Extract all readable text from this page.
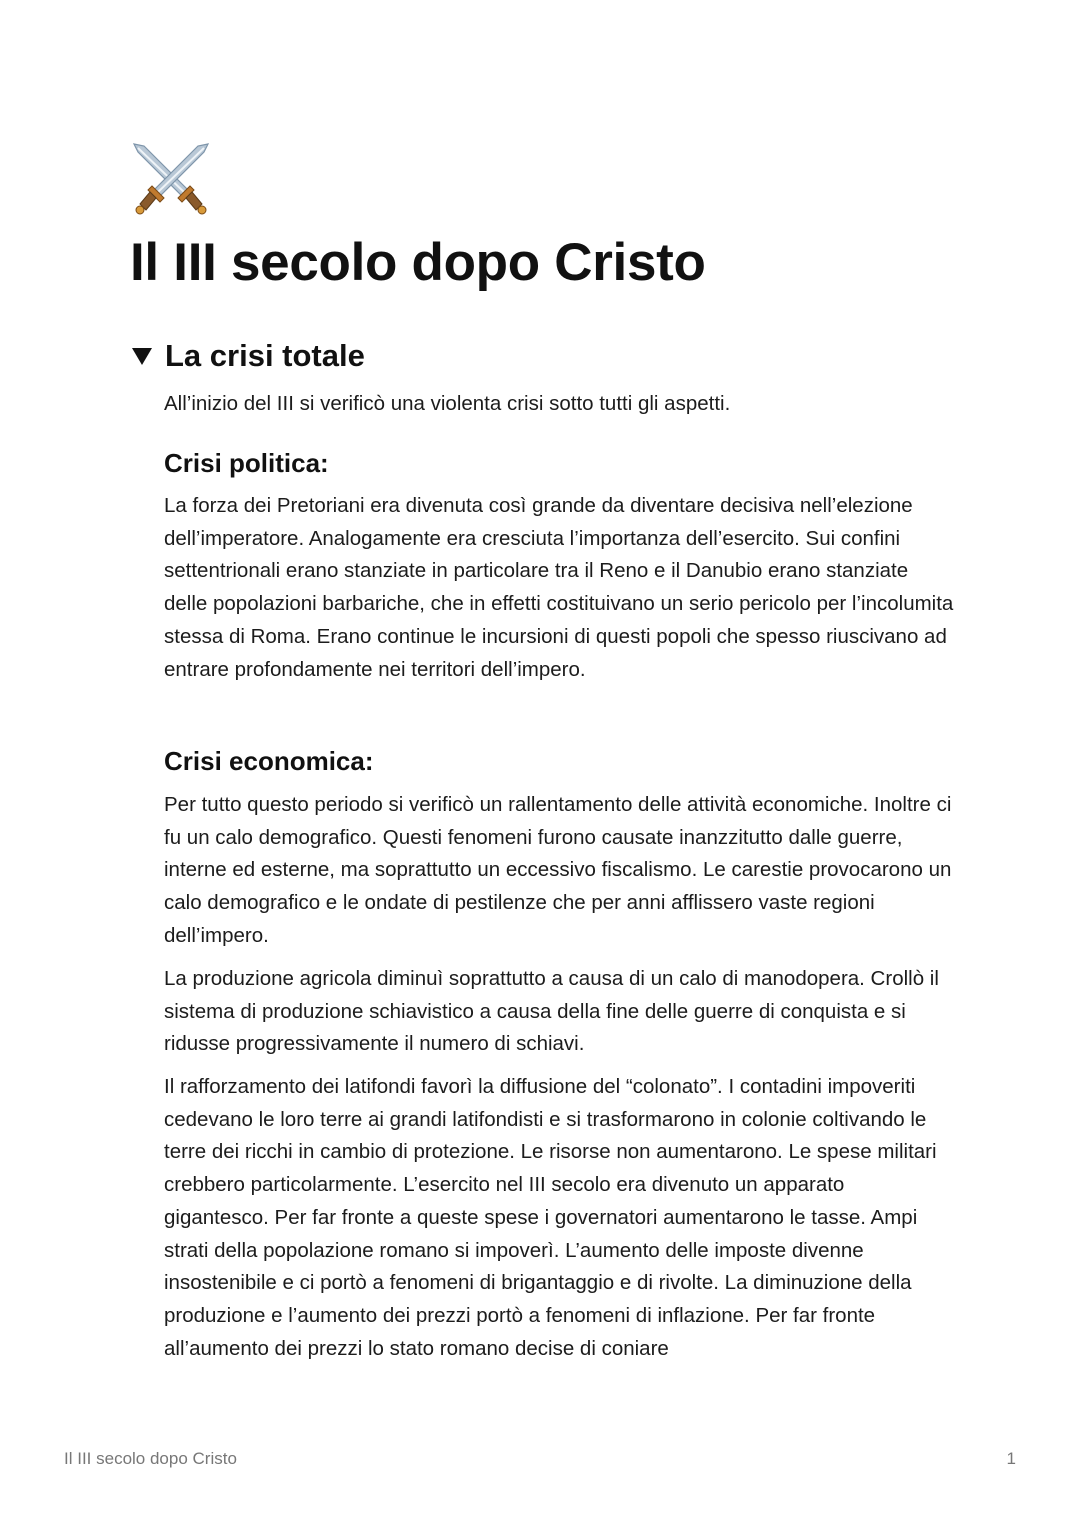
Il III secolo dopo Cristo
La crisi totale

All’inizio del III si verificò una violenta crisi sotto tutti gli aspetti.

Crisi politica:

La forza dei Pretoriani era divenuta così grande da diventare decisiva nell’elezione dell’imperatore. Analogamente era cresciuta l’importanza dell’esercito. Sui confini settentrionali erano stanziate in particolare tra il Reno e il Danubio erano stanziate delle popolazioni barbariche, che in effetti costituivano un serio pericolo per l’incolumita stessa di Roma. Erano continue le incursioni di questi popoli che spesso riuscivano ad entrare profondamente nei territori dell’impero.

Crisi economica:

Per tutto questo periodo si verificò un rallentamento delle attività economiche. Inoltre ci fu un calo demografico. Questi fenomeni furono causate inanzzitutto dalle guerre, interne ed esterne, ma soprattutto un eccessivo fiscalismo. Le carestie provocarono un calo demografico e le ondate di pestilenze che per anni afflissero vaste regioni dell’impero.

La produzione agricola diminuì soprattutto a causa di un calo di manodopera. Crollò il sistema di produzione schiavistico a causa della fine delle guerre di conquista e si ridusse progressivamente il numero di schiavi.

Il rafforzamento dei latifondi favorì la diffusione del “colonato”. I contadini impoveriti cedevano le loro terre ai grandi latifondisti e si trasformarono in colonie coltivando le terre dei ricchi in cambio di protezione. Le risorse non aumentarono. Le spese militari crebbero particolarmente. L’esercito nel III secolo era divenuto un apparato gigantesco. Per far fronte a queste spese i governatori aumentarono le tasse. Ampi strati della popolazione romano si impoverì. L’aumento delle imposte divenne insostenibile e ci portò a fenomeni di brigantaggio e di rivolte. La diminuzione della produzione e l’aumento dei prezzi portò a fenomeni di inflazione. Per far fronte all’aumento dei prezzi lo stato romano decise di coniare

Il III secolo dopo Cristo	1
